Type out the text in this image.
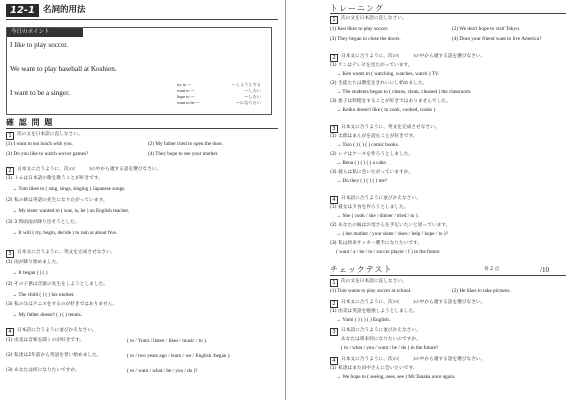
12-1 名詞的用法
今日のポイント
I like to play soccer.
We want to play baseball at Koshien.
I want to be a singer.
try to ～	～しようとする
want to ～	～したい
hope to ～	～したい
want to be ～	～になりたい
確 認 問 題
1	次の文を日本語に直しなさい。
(1) I want to eat lunch with you.	(2) My father tried to open the door.
(3) Do you like to watch soccer games?	(4) They hope to see your mother.
2	日本文に合うように、次の(　　　)の中から適する語を選びなさい。
(1) トムは日本語の歌を歌うことが好きです。
→ Tom likes to ( sing, sings, singing ) Japanese songs.
(2) 私の姉は英語の先生になりたがっています。
→ My sister wanted to ( was, is, be ) an English teacher.
(3) 3 時頃雨が降り出そうとした。
→ It will ( try, begin, decide ) to rain at about five.
3	日本文に合うように、英文を完成させなさい。
(1) 雨が降り始めました。
→ It began ( ) ( ).
(2) その子供は音楽の先生をしようとしました。
→ The child ( ) ( ) his mother.
(3) 私の父はテニスをするのが好きではありません。
→ My father doesn't ( ) ( ) tennis.
4	日本語に合うように並びかえなさい。
(1) 由美は音楽を聞くのが好きです。	( to / Yumi / listen / likes / music / to ).
(2) 私達は2年前から英語を習い始めました。	( to / two years ago / learn / we / English /began ).
(3) あなたは何になりたいですか。	( to / want / what / be / you / do )?
トレーニング
1	次の文を日本語に直しなさい。
(1) Ken likes to play soccer.	(2) We don't hope to visit Tokyo.
(3) They began to close the doors.	(4) Does your friend want to live America?
2	日本文に合うように、次の(　　　)の中から適する語を選びなさい。
(1) ケンはテレビを見たがっています。
→ Ken wants to ( watching, watches, watch ) TV.
(2) 生徒たちは教室をきれいにし始めました。
→ The students began to ( cleans, clean, cleaned ) the classroom.
(3) 恵子は料理をすることが好きではありませんでした。
→ Keiko doesn't like ( to cook, cooked, cooks ).
3	日本文に合うように、英文を完成させなさい。
(1) 太郎はまんがを読むことが好きです。
→ Taro ( ) ( ) ( ) comic books.
(2) レナはケーキを作ろうとしました。
→ Rena ( ) ( ) ( ) a cake.
(3) 彼らは私に会いたがっていますか。
→ Do they ( ) ( ) ( ) me?
4	日本語に合うように並びかえなさい。
(1) 彼女は夕食を作ろうとしました。
→ She ( cook / she / dinner / tried / to ).
(2) あなたの妹はお母さんを手伝いたいと思っています。
→ ( her mother / your sister / does / help / hope / to )?
(3) 私は将来サッカー選手になりたいです。
( want / a / be / to / soccer player / I ) in the future.
チェックテスト	各 2 点	/10
1	次の文を日本語に直しなさい。
(1) Tom wants to play soccer at school.	(2) He likes to take pictures.
2	日本文に合うように、次の(　　　)の中から適する語を選びなさい。
(1) 由美は英語を勉強しようとしました。
→ Yumi ( ) ( ) ( ) English.
3	日本語に合うように並びかえなさい。
あなたは将来何になりたいのですか。
( to / what / you / want / be / do ) in the future?
4	日本文に合うように、次の(　　　)の中から適する語を選びなさい。
(1) 私達はまた田中さんに会いたいです。
→ We hope to ( seeing, sees, see ) Mr.Tanaka once again.
